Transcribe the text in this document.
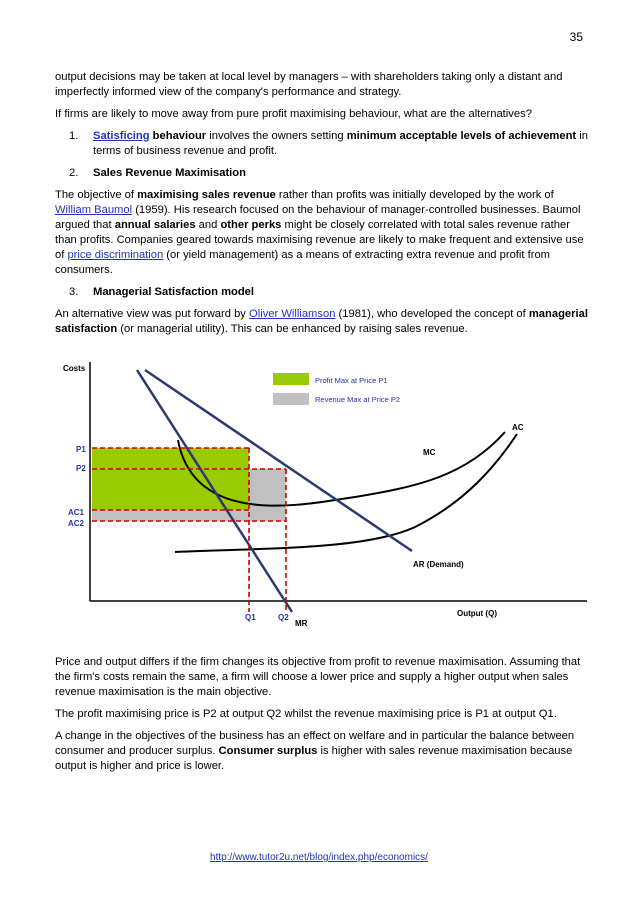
35

output decisions may be taken at local level by managers – with shareholders taking only a distant and imperfectly informed view of the company's performance and strategy.

If firms are likely to move away from pure profit maximising behaviour, what are the alternatives?

1.	Satisficing behaviour involves the owners setting minimum acceptable levels of achievement in terms of business revenue and profit.
2.	Sales Revenue Maximisation

The objective of maximising sales revenue rather than profits was initially developed by the work of William Baumol (1959). His research focused on the behaviour of manager-controlled businesses. Baumol argued that annual salaries and other perks might be closely correlated with total sales revenue rather than profits. Companies geared towards maximising revenue are likely to make frequent and extensive use of price discrimination (or yield management) as a means of extracting extra revenue and profit from consumers.

3.	Managerial Satisfaction model

An alternative view was put forward by Oliver Williamson (1981), who developed the concept of managerial satisfaction (or managerial utility). This can be enhanced by raising sales revenue.

Profit Max at Price P1
Revenue Max at Price P2
Costs
Output (Q)
P1
P2
AC1
AC2
Q1	Q2
AC
MC
AR (Demand)
MR

Price and output differs if the firm changes its objective from profit to revenue maximisation. Assuming that the firm's costs remain the same, a firm will choose a lower price and supply a higher output when sales revenue maximisation is the main objective.

The profit maximising price is P2 at output Q2 whilst the revenue maximising price is P1 at output Q1.

A change in the objectives of the business has an effect on welfare and in particular the balance between consumer and producer surplus. Consumer surplus is higher with sales revenue maximisation because output is higher and price is lower.

http://www.tutor2u.net/blog/index.php/economics/
